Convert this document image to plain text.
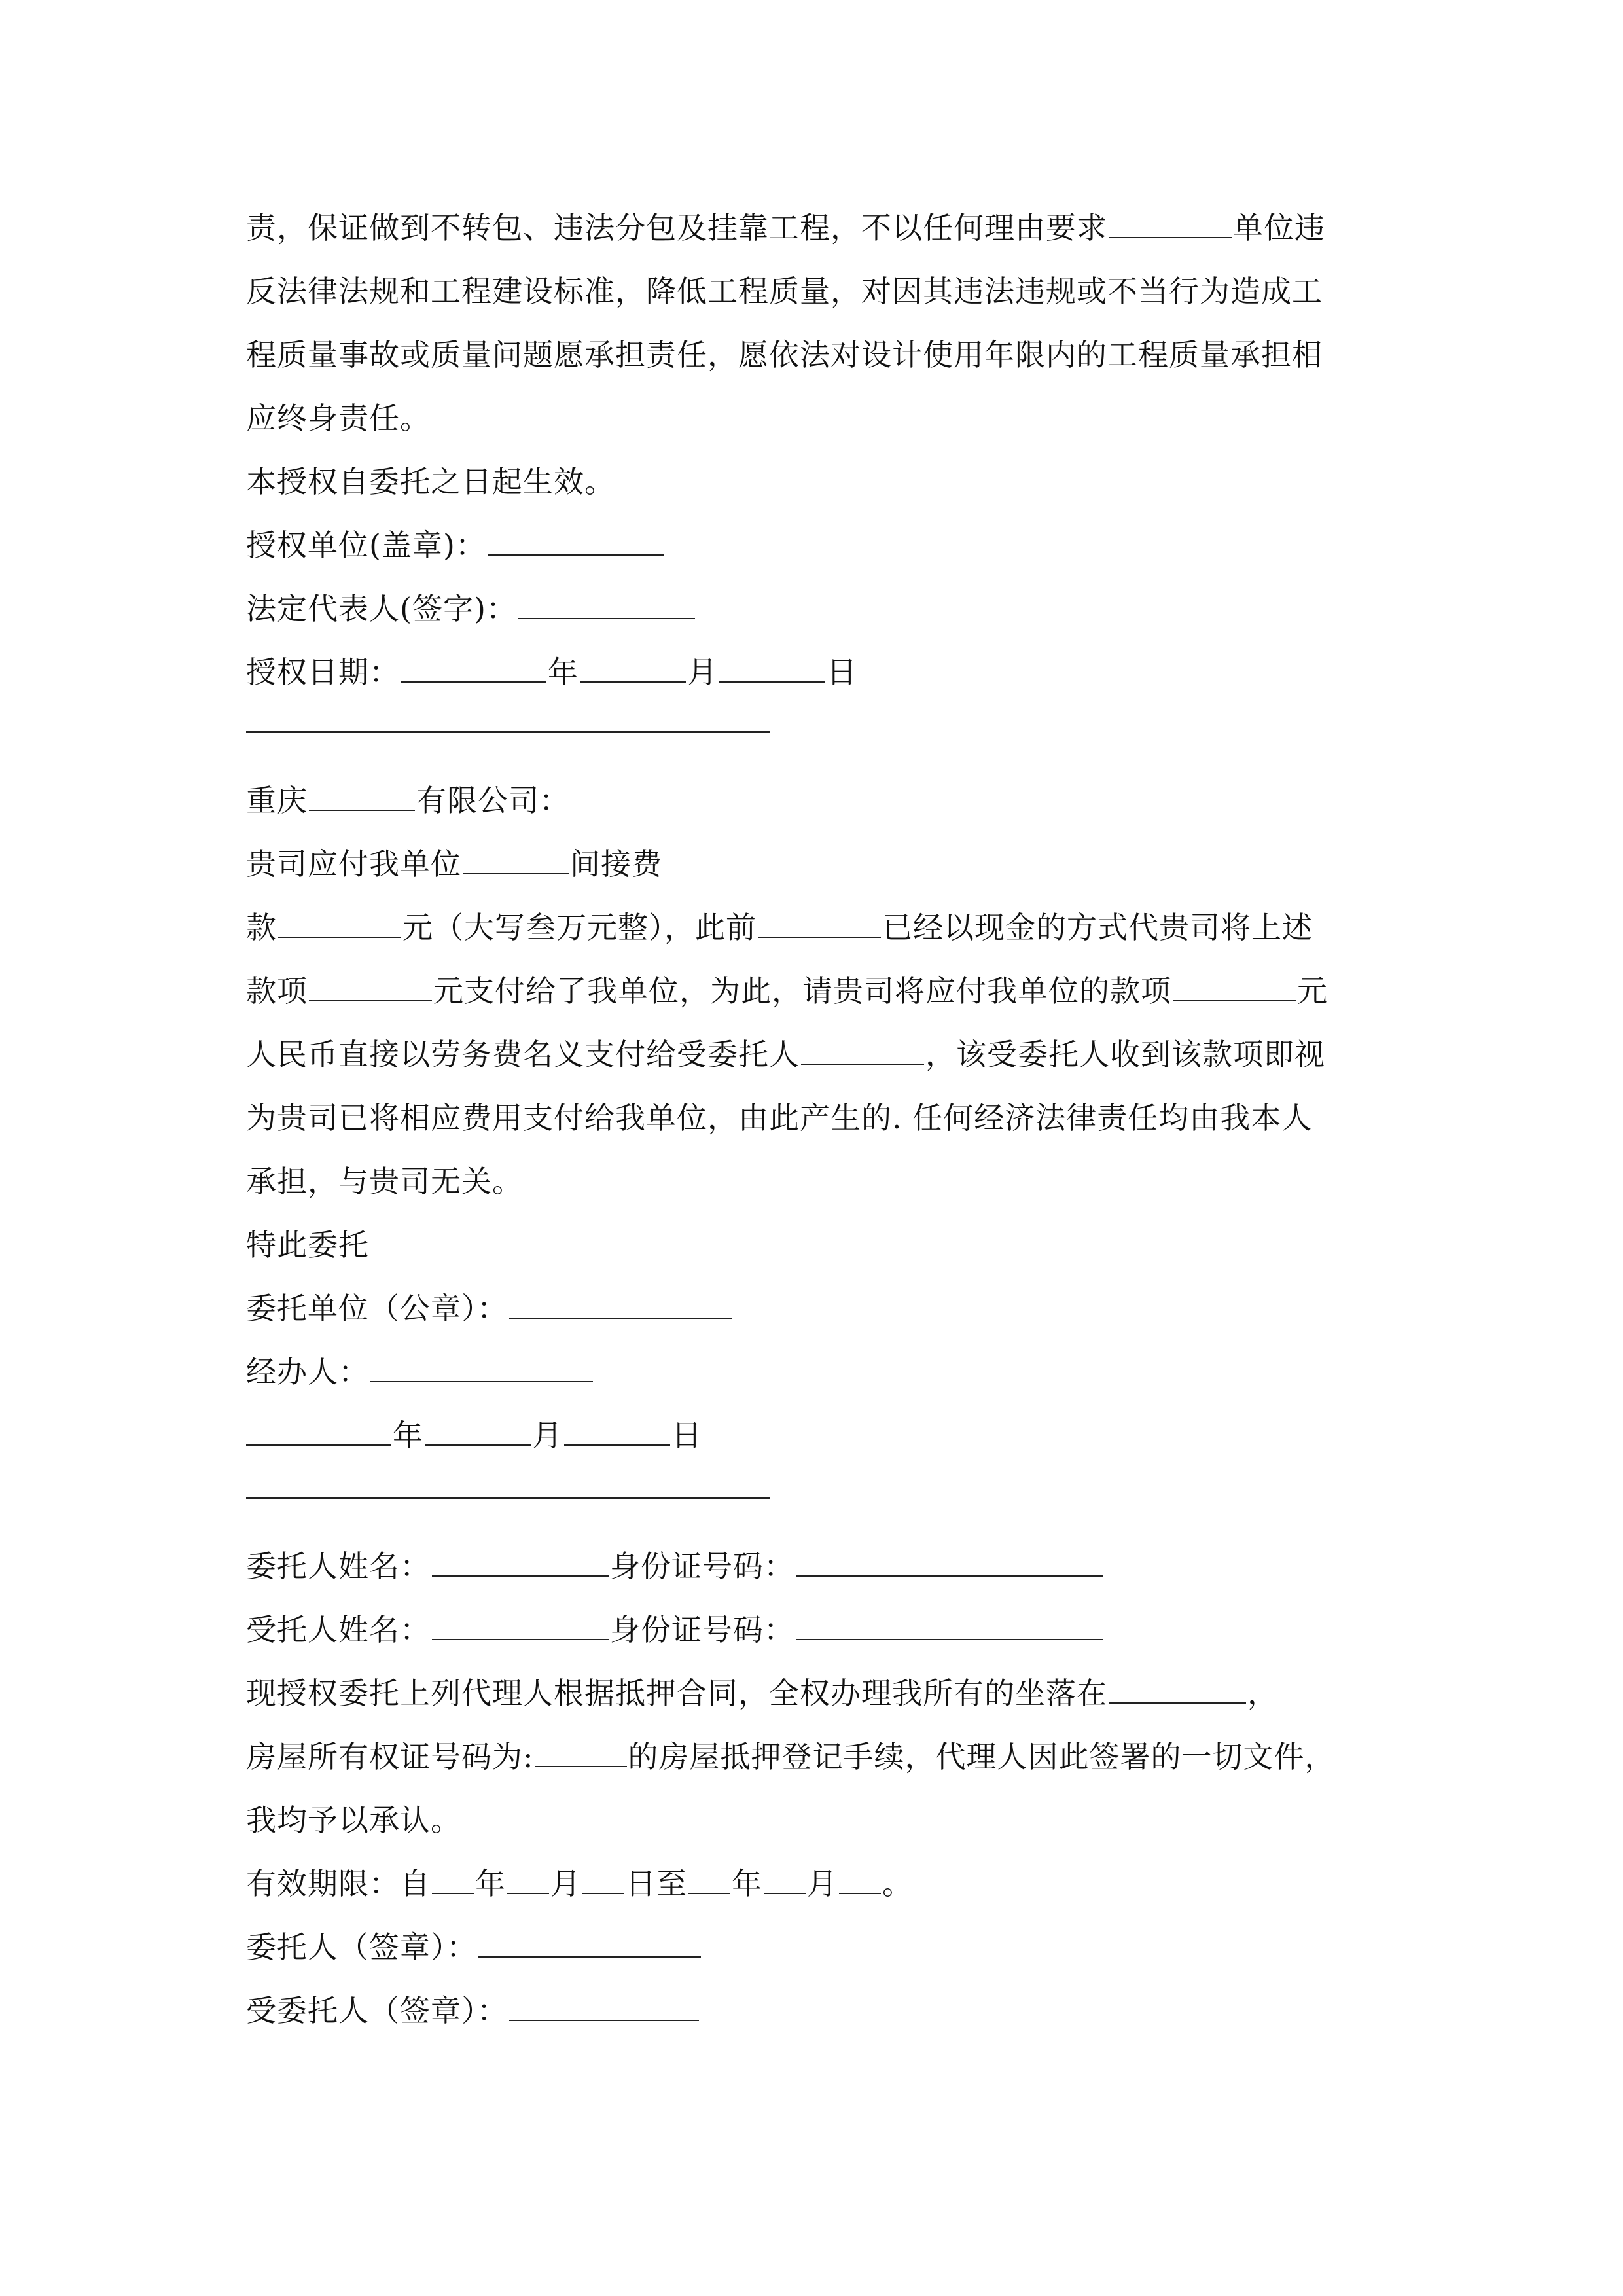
责，保证做到不转包、违法分包及挂靠工程，不以任何理由要求	单位违
反法律法规和工程建设标准，降低工程质量，对因其违法违规或不当行为造成工
程质量事故或质量问题愿承担责任，愿依法对设计使用年限内的工程质量承担相
应终身责任。
本授权自委托之日起生效。
授权单位(盖章)：
法定代表人(签字)：
授权日期：	年	月	日
重庆	有限公司：
贵司应付我单位	间接费
款	元（大写叁万元整），此前	已经以现金的方式代贵司将上述
款项	元支付给了我单位，为此，请贵司将应付我单位的款项	元
人民币直接以劳务费名义支付给受委托人	，该受委托人收到该款项即视
为贵司已将相应费用支付给我单位，由此产生的. 任何经济法律责任均由我本人
承担，与贵司无关。
特此委托
委托单位（公章）：
经办人：
年	月	日
委托人姓名：	身份证号码：
受托人姓名：	身份证号码：
现授权委托上列代理人根据抵押合同，全权办理我所有的坐落在	，
房屋所有权证号码为:	的房屋抵押登记手续，代理人因此签署的一切文件，
我均予以承认。
有效期限：自 年 月 日至 年 月 。
委托人（签章）：
受委托人（签章）：
